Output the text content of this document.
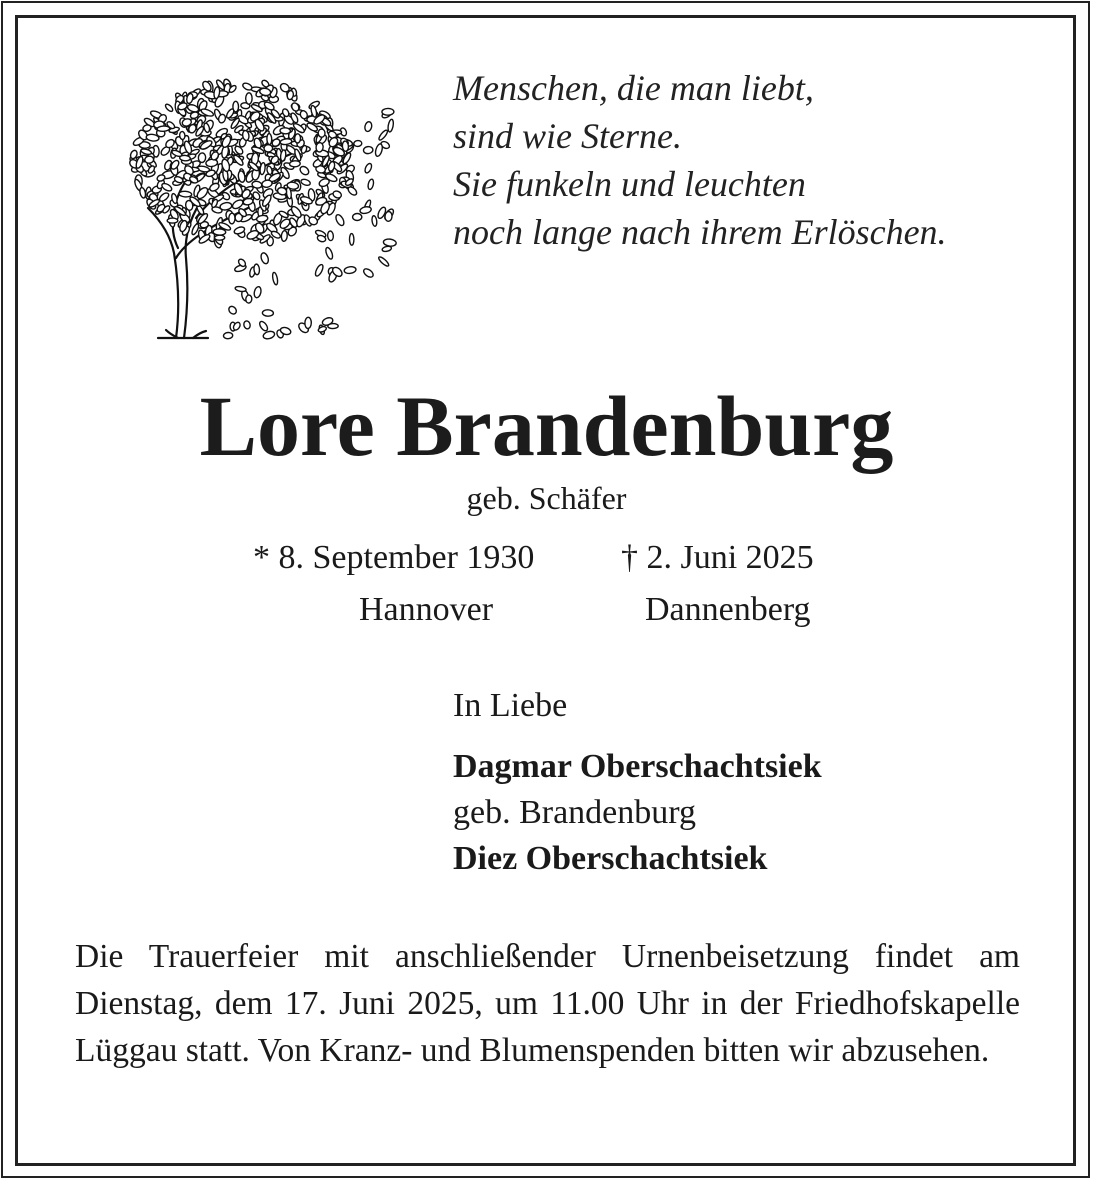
Menschen, die man liebt,
sind wie Sterne.
Sie funkeln und leuchten
noch lange nach ihrem Erlöschen.
Lore Brandenburg
geb. Schäfer
* 8. September 1930	† 2. Juni 2025
Hannover	Dannenberg
In Liebe
Dagmar Oberschachtsiek
geb. Brandenburg
Diez Oberschachtsiek
Die Trauerfeier mit anschließender Urnenbeisetzung findet am Dienstag, dem 17. Juni 2025, um 11.00 Uhr in der Friedhofskapelle Lüggau statt. Von Kranz- und Blumenspenden bitten wir abzusehen.
